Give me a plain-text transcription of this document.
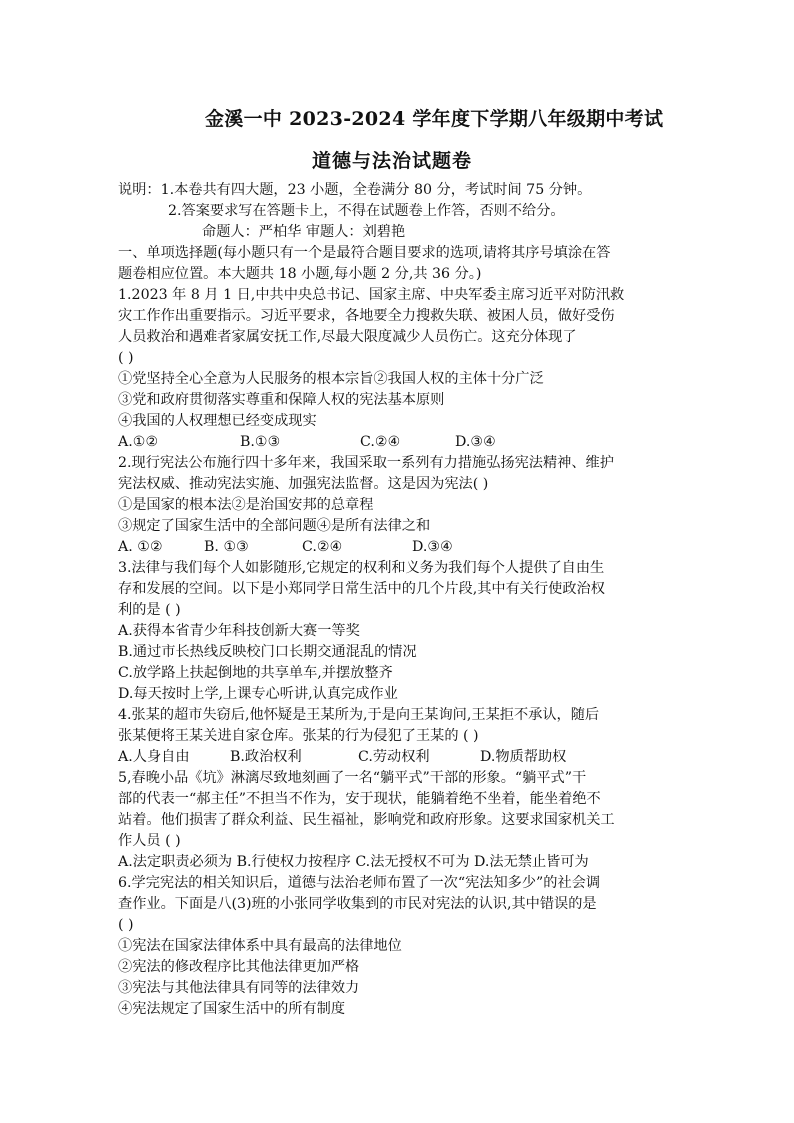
金溪一中 2023-2024 学年度下学期八年级期中考试
道德与法治试题卷
说明：1.本卷共有四大题，23 小题，全卷满分 80 分，考试时间 75 分钟。
2.答案要求写在答题卡上，不得在试题卷上作答，否则不给分。
命题人：严柏华 审题人：刘碧艳
一、单项选择题(每小题只有一个是最符合题目要求的选项,请将其序号填涂在答
题卷相应位置。本大题共 18 小题,每小题 2 分,共 36 分。)
1.2023 年 8 月 1 日,中共中央总书记、国家主席、中央军委主席习近平对防汛救
灾工作作出重要指示。习近平要求，各地要全力搜救失联、被困人员，做好受伤
人员救治和遇难者家属安抚工作,尽最大限度减少人员伤亡。这充分体现了
( )
①党坚持全心全意为人民服务的根本宗旨②我国人权的主体十分广泛
③党和政府贯彻落实尊重和保障人权的宪法基本原则
④我国的人权理想已经变成现实
A.①②	B.①③	C.②④	D.③④
2.现行宪法公布施行四十多年来，我国采取一系列有力措施弘扬宪法精神、维护
宪法权威、推动宪法实施、加强宪法监督。这是因为宪法( )
①是国家的根本法②是治国安邦的总章程
③规定了国家生活中的全部问题④是所有法律之和
A. ①②	B. ①③	C.②④	D.③④
3.法律与我们每个人如影随形,它规定的权利和义务为我们每个人提供了自由生
存和发展的空间。以下是小郑同学日常生活中的几个片段,其中有关行使政治权
利的是 ( )
A.获得本省青少年科技创新大赛一等奖
B.通过市长热线反映校门口长期交通混乱的情况
C.放学路上扶起倒地的共享单车,并摆放整齐
D.每天按时上学,上课专心听讲,认真完成作业
4.张某的超市失窃后,他怀疑是王某所为,于是向王某询问,王某拒不承认，随后
张某便将王某关进自家仓库。张某的行为侵犯了王某的 ( )
A.人身自由	B.政治权利	C.劳动权利	D.物质帮助权
5,春晚小品《坑》淋漓尽致地刻画了一名“躺平式”干部的形象。“躺平式”干
部的代表一“郝主任”不担当不作为，安于现状，能躺着绝不坐着，能坐着绝不
站着。他们损害了群众利益、民生福祉，影响党和政府形象。这要求国家机关工
作人员 ( )
A.法定职责必须为 B.行使权力按程序 C.法无授权不可为 D.法无禁止皆可为
6.学完宪法的相关知识后，道德与法治老师布置了一次“宪法知多少”的社会调
查作业。下面是八(3)班的小张同学收集到的市民对宪法的认识,其中错误的是
( )
①宪法在国家法律体系中具有最高的法律地位
②宪法的修改程序比其他法律更加严格
③宪法与其他法律具有同等的法律效力
④宪法规定了国家生活中的所有制度
